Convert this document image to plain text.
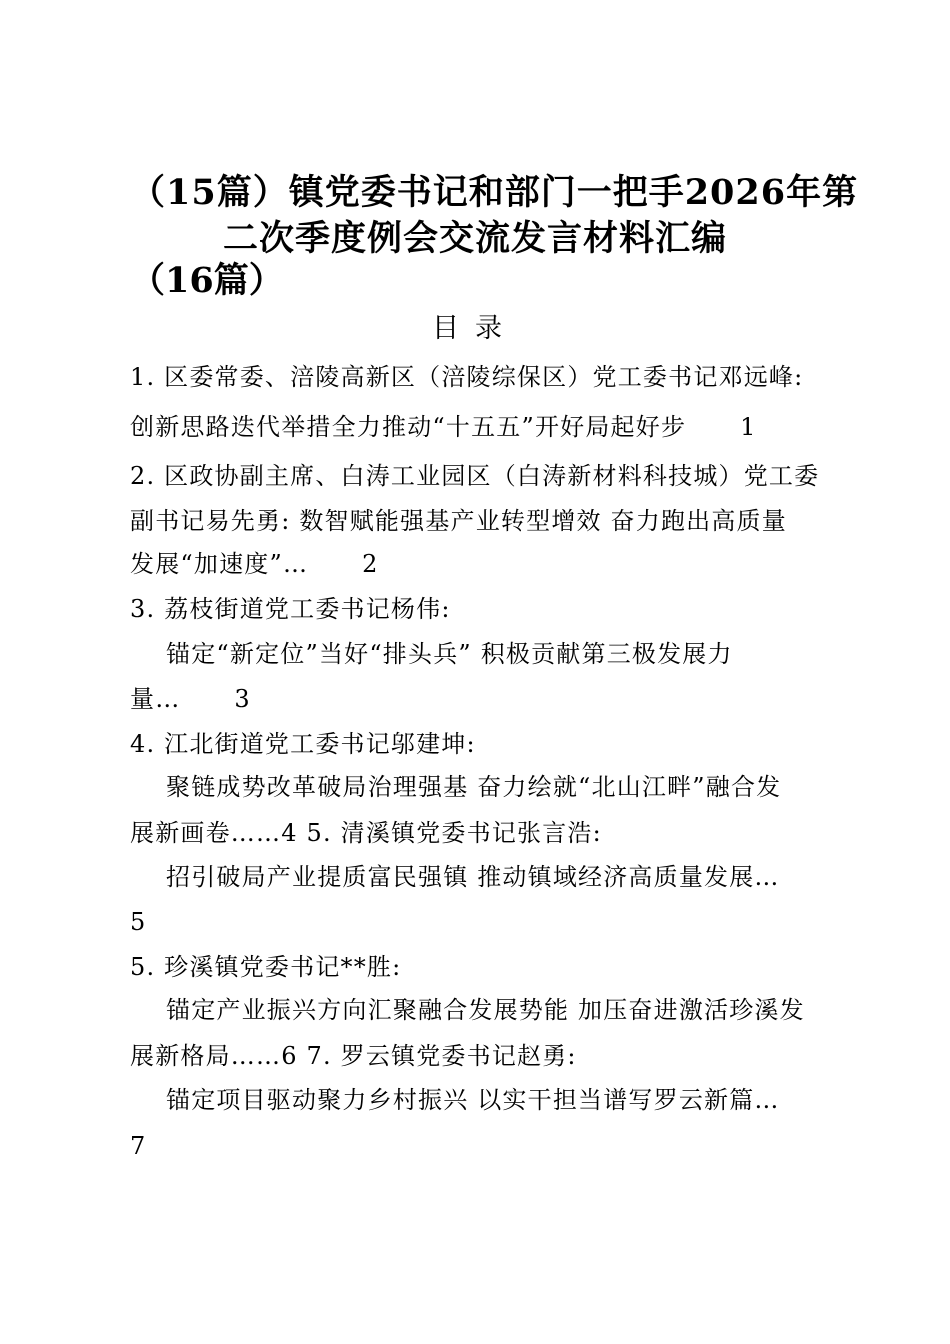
（15篇）镇党委书记和部门一把手2026年第
二次季度例会交流发言材料汇编
（16篇）
目录
1. 区委常委、涪陵高新区（涪陵综保区）党工委书记邓远峰:
创新思路迭代举措全力推动“十五五”开好局起好步 1
2. 区政协副主席、白涛工业园区（白涛新材料科技城）党工委
副书记易先勇: 数智赋能强基产业转型增效 奋力跑出高质量
发展“加速度”… 2
3. 荔枝街道党工委书记杨伟:
锚定“新定位”当好“排头兵” 积极贡献第三极发展力
量… 3
4. 江北街道党工委书记邬建坤:
聚链成势改革破局治理强基 奋力绘就“北山江畔”融合发
展新画卷……4 5. 清溪镇党委书记张言浩:
招引破局产业提质富民强镇 推动镇域经济高质量发展…
5
5. 珍溪镇党委书记**胜:
锚定产业振兴方向汇聚融合发展势能 加压奋进激活珍溪发
展新格局……6 7. 罗云镇党委书记赵勇:
锚定项目驱动聚力乡村振兴 以实干担当谱写罗云新篇…
7
